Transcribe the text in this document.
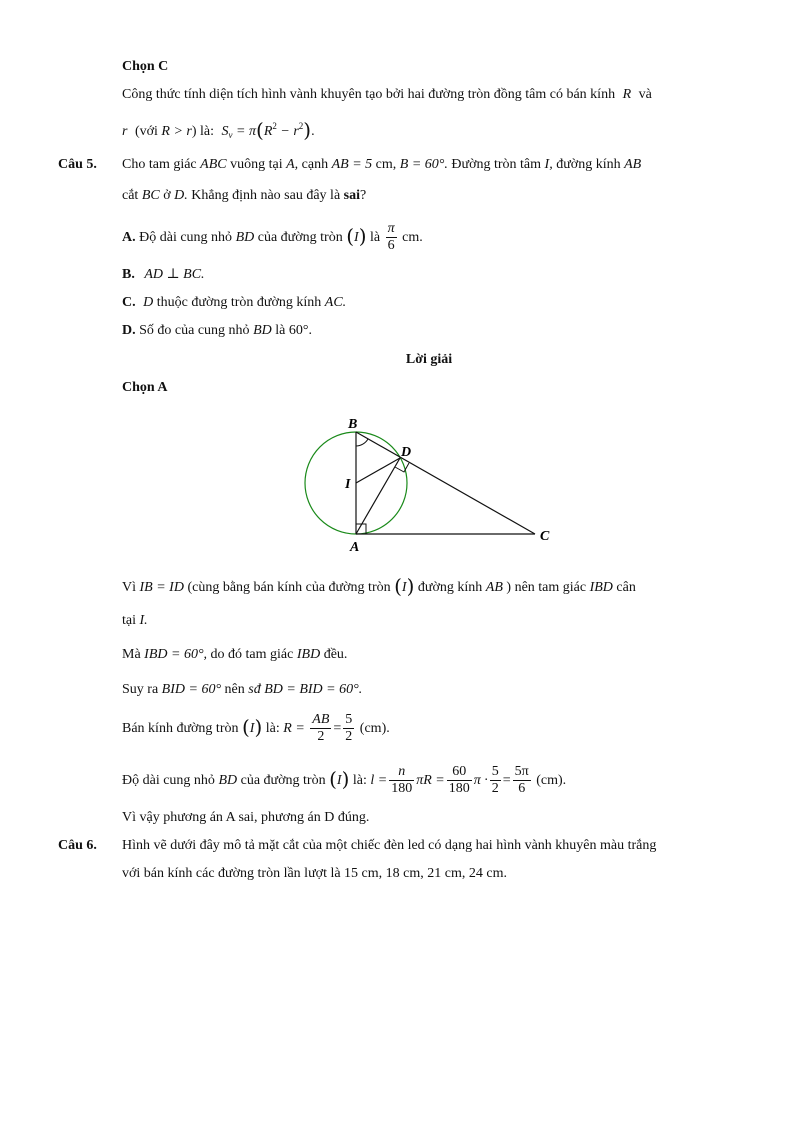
Chọn C
Công thức tính diện tích hình vành khuyên tạo bởi hai đường tròn đồng tâm có bán kính R và
r (với R > r) là: $S_v = \pi(R^2 - r^2)$.
Câu 5. Cho tam giác ABC vuông tại A, cạnh AB = 5 cm, B = 60°. Đường tròn tâm I, đường kính AB
cắt BC ở D. Khẳng định nào sau đây là sai?
A. Độ dài cung nhỏ BD của đường tròn (I) là $\frac{\pi}{6}$ cm.
B. AD ⊥ BC.
C. D thuộc đường tròn đường kính AC.
D. Số đo của cung nhỏ BD là 60°.
Lời giải
Chọn A
B
D
I
A
C
Vì IB = ID (cùng bằng bán kính của đường tròn (I) đường kính AB ) nên tam giác IBD cân
tại I.
Mà IBD = 60°, do đó tam giác IBD đều.
Suy ra BID = 60° nên sđ BD = BID = 60°.
Bán kính đường tròn (I) là: $R = \frac{AB}{2} = \frac{5}{2} (cm)$.
Độ dài cung nhỏ BD của đường tròn (I) là: $l = \frac{n}{180}$ $\pi R = \frac{60}{180}$ $\pi \cdot \frac{5}{2} = \frac{5\pi}{6} (cm)$.
Vì vậy phương án A sai, phương án D đúng.
Câu 6. Hình vẽ dưới đây mô tả mặt cắt của một chiếc đèn led có dạng hai hình vành khuyên màu trắng
với bán kính các đường tròn lần lượt là 15 cm, 18 cm, 21 cm, 24 cm.
